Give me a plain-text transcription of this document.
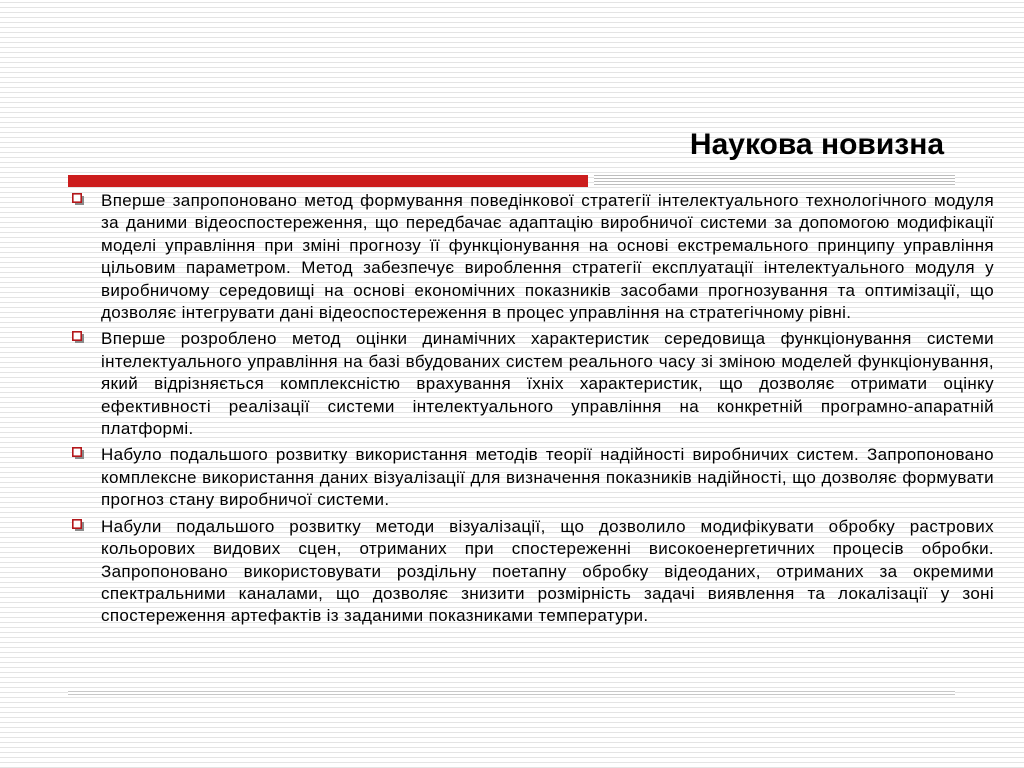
Наукова новизна
Вперше запропоновано метод формування поведінкової стратегії інтелектуального технологічного модуля за даними відеоспостереження, що передбачає адаптацію виробничої системи за допомогою модифікації моделі управління при зміні прогнозу її функціонування на основі екстремального принципу управління цільовим параметром. Метод забезпечує вироблення стратегії експлуатації інтелектуального модуля у виробничому середовищі на основі економічних показників засобами прогнозування та оптимізації, що дозволяє інтегрувати дані відеоспостереження в процес управління на стратегічному рівні.
Вперше розроблено метод оцінки динамічних характеристик середовища функціонування системи інтелектуального управління на базі вбудованих систем реального часу зі зміною моделей функціонування, який відрізняється комплексністю врахування їхніх характеристик, що дозволяє отримати оцінку ефективності реалізації системи інтелектуального управління на конкретній програмно-апаратній платформі.
Набуло подальшого розвитку використання методів теорії надійності виробничих систем. Запропоновано комплексне використання даних візуалізації для визначення показників надійності, що дозволяє формувати прогноз стану виробничої системи.
Набули подальшого розвитку методи візуалізації, що дозволило модифікувати обробку растрових кольорових видових сцен, отриманих при спостереженні високоенергетичних процесів обробки. Запропоновано використовувати роздільну поетапну обробку відеоданих, отриманих за окремими спектральними каналами, що дозволяє знизити розмірність задачі виявлення та локалізації у зоні спостереження артефактів із заданими показниками температури.
